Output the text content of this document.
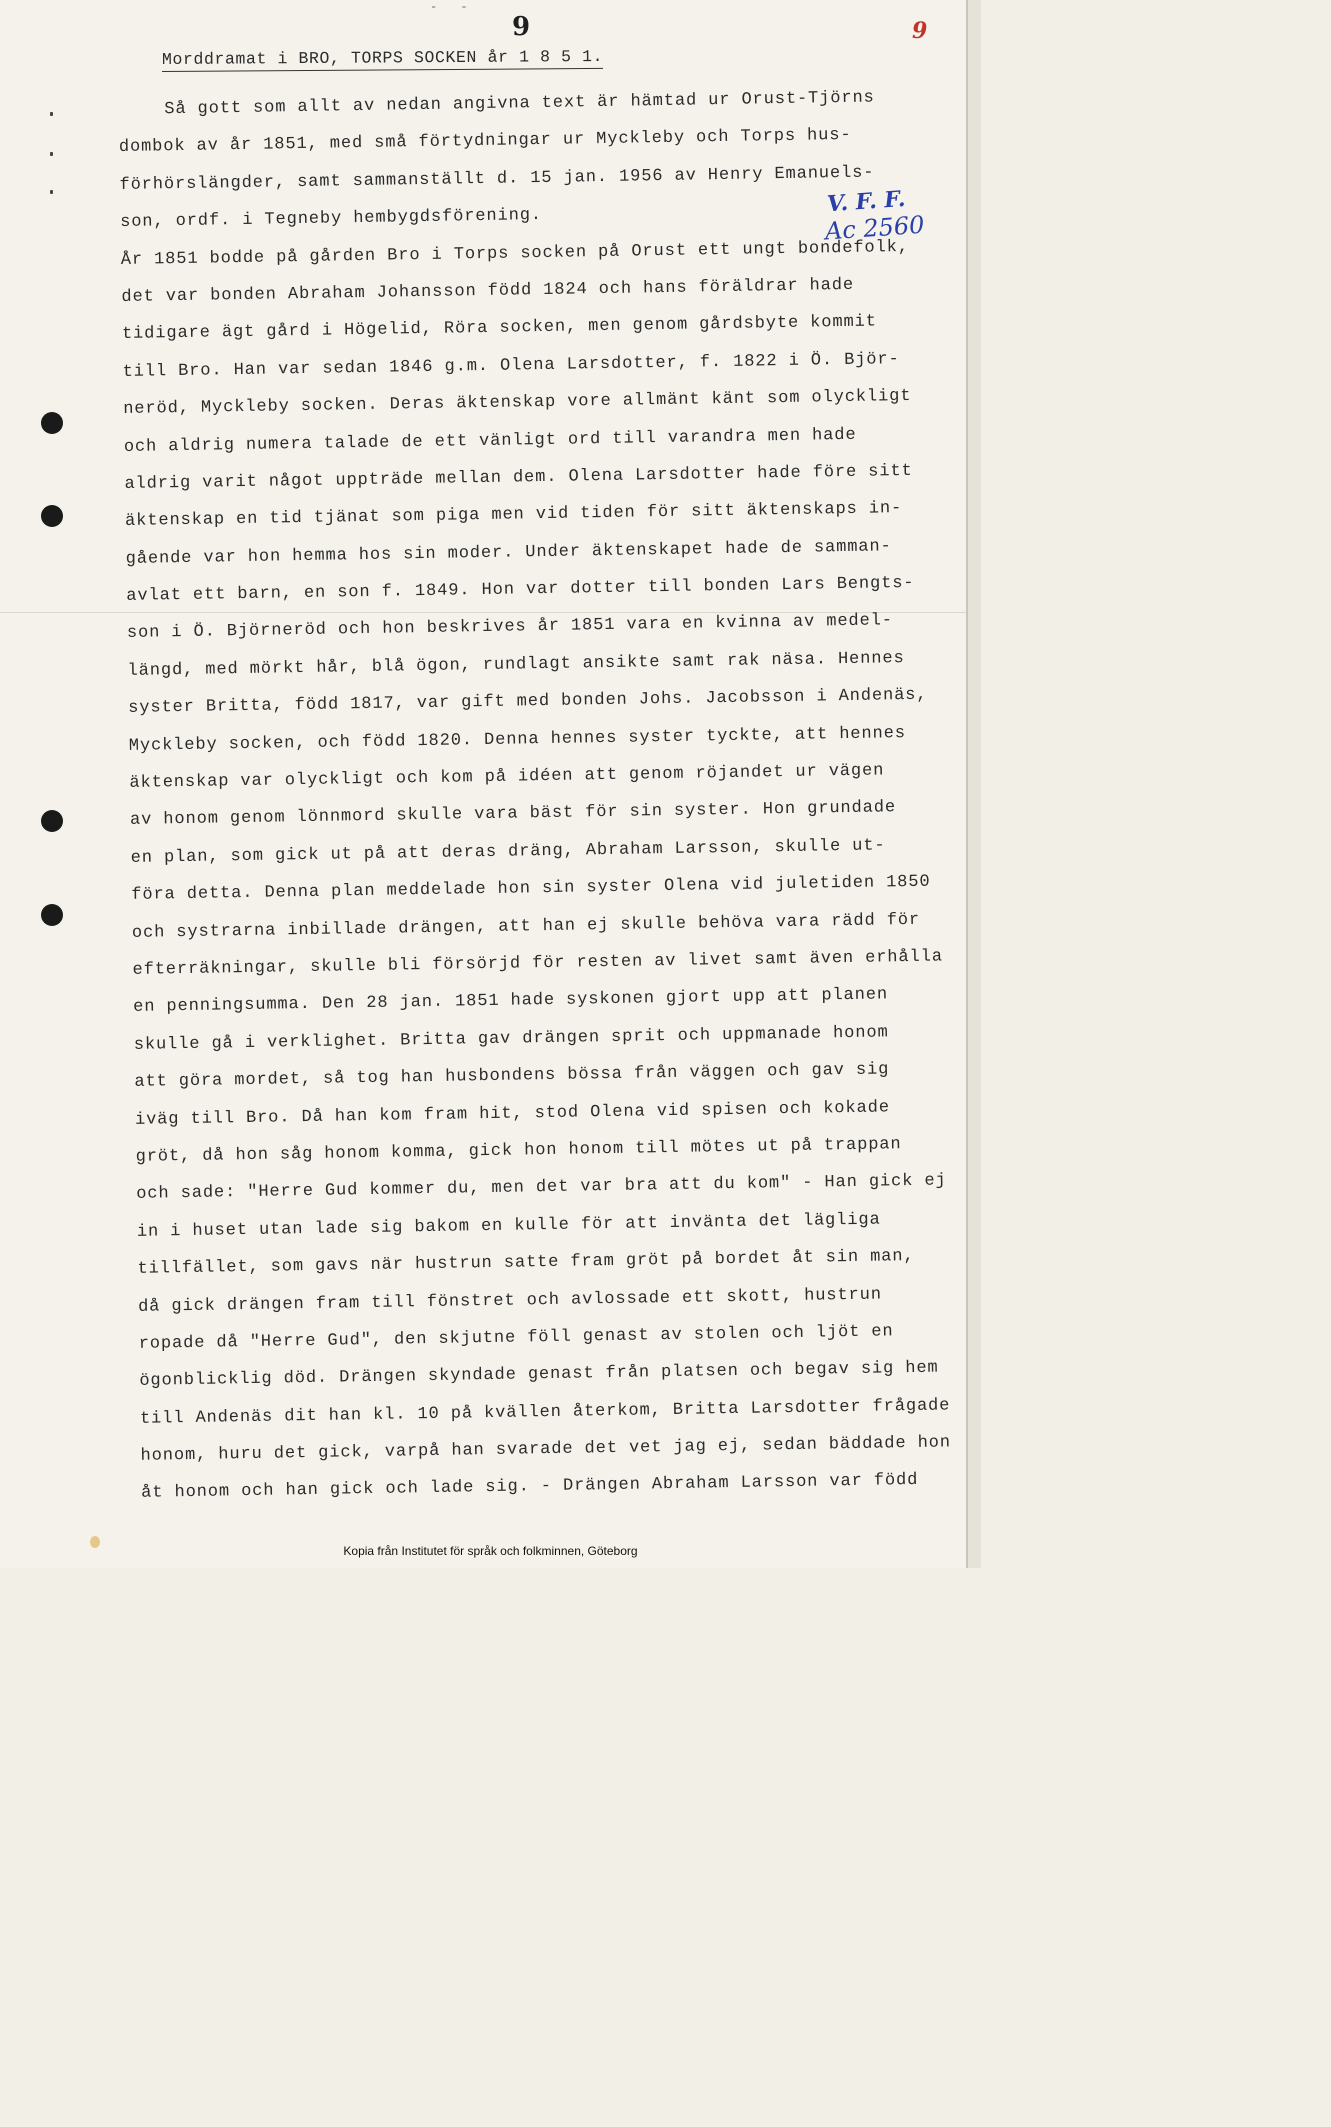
- -
9	9
Morddramat i BRO, TORPS SOCKEN år 1 8 5 1.
Så gott som allt av nedan angivna text är hämtad ur Orust-Tjörns
dombok av år 1851, med små förtydningar ur Myckleby och Torps hus-
förhörslängder, samt sammanställt d. 15 jan. 1956 av Henry Emanuels-
son, ordf. i Tegneby hembygdsförening.
År 1851 bodde på gården Bro i Torps socken på Orust ett ungt bondefolk,
det var bonden Abraham Johansson född 1824 och hans föräldrar hade
tidigare ägt gård i Högelid, Röra socken, men genom gårdsbyte kommit
till Bro. Han var sedan 1846 g.m. Olena Larsdotter, f. 1822 i Ö. Björ-
neröd, Myckleby socken. Deras äktenskap vore allmänt känt som olyckligt
och aldrig numera talade de ett vänligt ord till varandra men hade
aldrig varit något uppträde mellan dem. Olena Larsdotter hade före sitt
äktenskap en tid tjänat som piga men vid tiden för sitt äktenskaps in-
gående var hon hemma hos sin moder. Under äktenskapet hade de samman-
avlat ett barn, en son f. 1849. Hon var dotter till bonden Lars Bengts-
son i Ö. Björneröd och hon beskrives år 1851 vara en kvinna av medel-
längd, med mörkt hår, blå ögon, rundlagt ansikte samt rak näsa. Hennes
syster Britta, född 1817, var gift med bonden Johs. Jacobsson i Andenäs,
Myckleby socken, och född 1820. Denna hennes syster tyckte, att hennes
äktenskap var olyckligt och kom på idéen att genom röjandet ur vägen
av honom genom lönnmord skulle vara bäst för sin syster. Hon grundade
en plan, som gick ut på att deras dräng, Abraham Larsson, skulle ut-
föra detta. Denna plan meddelade hon sin syster Olena vid juletiden 1850
och systrarna inbillade drängen, att han ej skulle behöva vara rädd för
efterräkningar, skulle bli försörjd för resten av livet samt även erhålla
en penningsumma. Den 28 jan. 1851 hade syskonen gjort upp att planen
skulle gå i verklighet. Britta gav drängen sprit och uppmanade honom
att göra mordet, så tog han husbondens bössa från väggen och gav sig
iväg till Bro. Då han kom fram hit, stod Olena vid spisen och kokade
gröt, då hon såg honom komma, gick hon honom till mötes ut på trappan
och sade: "Herre Gud kommer du, men det var bra att du kom" - Han gick ej
in i huset utan lade sig bakom en kulle för att invänta det lägliga
tillfället, som gavs när hustrun satte fram gröt på bordet åt sin man,
då gick drängen fram till fönstret och avlossade ett skott, hustrun
ropade då "Herre Gud", den skjutne föll genast av stolen och ljöt en
ögonblicklig död. Drängen skyndade genast från platsen och begav sig hem
till Andenäs dit han kl. 10 på kvällen återkom, Britta Larsdotter frågade
honom, huru det gick, varpå han svarade det vet jag ej, sedan bäddade hon
åt honom och han gick och lade sig. - Drängen Abraham Larsson var född
V. F. F.
Ac 2560
Kopia från Institutet för språk och folkminnen, Göteborg
